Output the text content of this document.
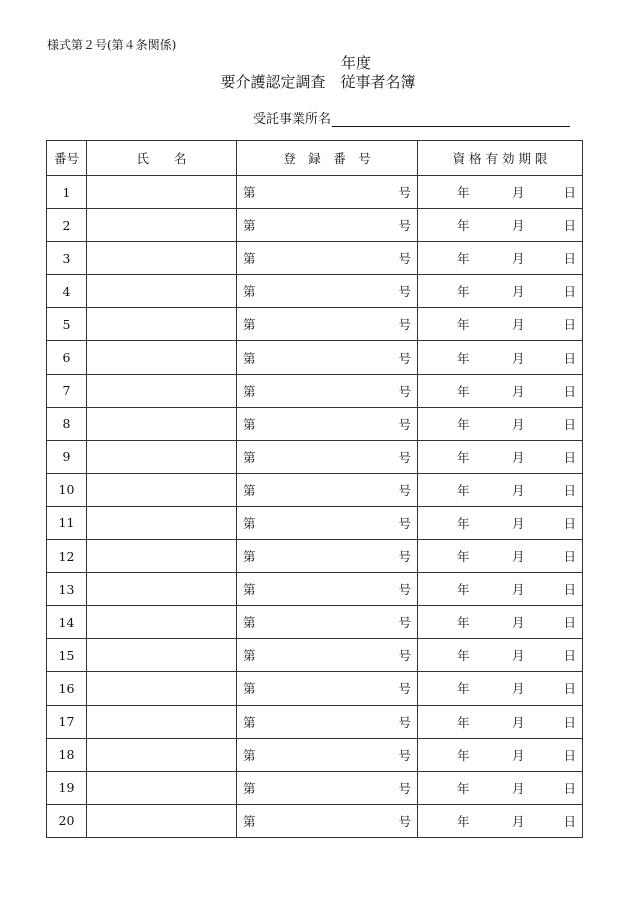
様式第２号(第４条関係)
年度
要介護認定調査　従事者名簿
受託事業所名
番号	氏　　名	登　録　番　号	資 格 有 効 期 限
1		第 号	年 月 日

2		第 号	年 月 日

3		第 号	年 月 日

4		第 号	年 月 日

5		第 号	年 月 日

6		第 号	年 月 日

7		第 号	年 月 日

8		第 号	年 月 日

9		第 号	年 月 日

10		第 号	年 月 日

11		第 号	年 月 日

12		第 号	年 月 日

13		第 号	年 月 日

14		第 号	年 月 日

15		第 号	年 月 日

16		第 号	年 月 日

17		第 号	年 月 日

18		第 号	年 月 日

19		第 号	年 月 日

20		第 号	年 月 日
